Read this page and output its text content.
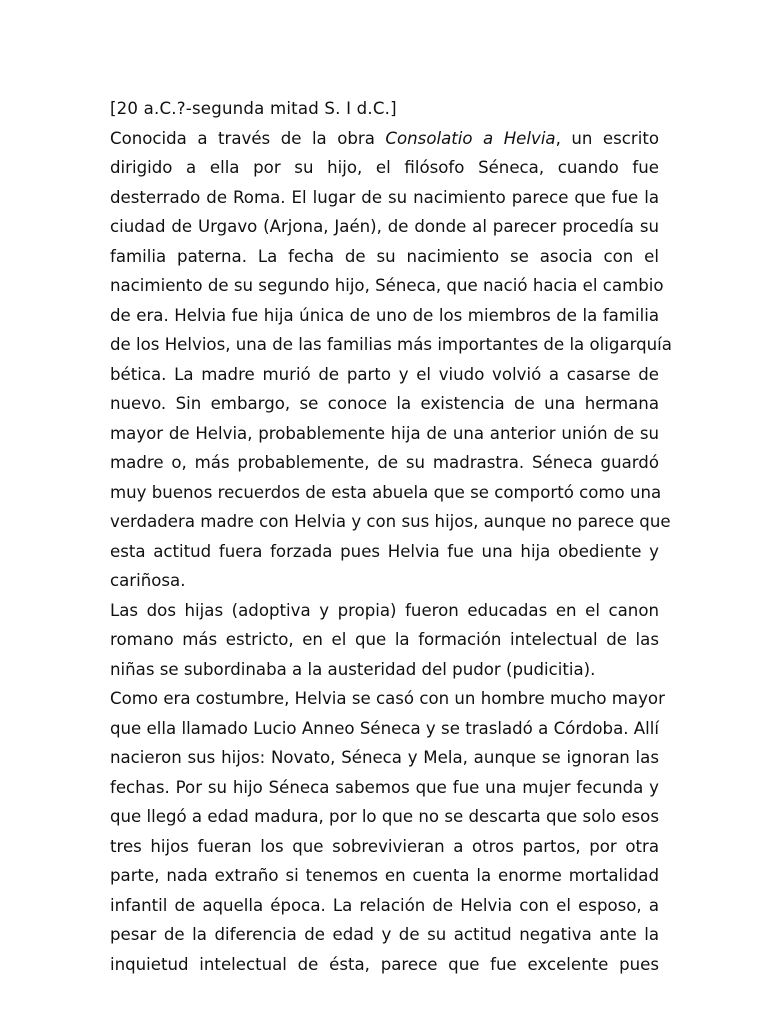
[20 a.C.?-segunda mitad S. I d.C.]
Conocida a través de la obra Consolatio a Helvia, un escrito
dirigido a ella por su hijo, el filósofo Séneca, cuando fue
desterrado de Roma. El lugar de su nacimiento parece que fue la
ciudad de Urgavo (Arjona, Jaén), de donde al parecer procedía su
familia paterna. La fecha de su nacimiento se asocia con el
nacimiento de su segundo hijo, Séneca, que nació hacia el cambio
de era. Helvia fue hija única de uno de los miembros de la familia
de los Helvios, una de las familias más importantes de la oligarquía
bética. La madre murió de parto y el viudo volvió a casarse de
nuevo. Sin embargo, se conoce la existencia de una hermana
mayor de Helvia, probablemente hija de una anterior unión de su
madre o, más probablemente, de su madrastra. Séneca guardó
muy buenos recuerdos de esta abuela que se comportó como una
verdadera madre con Helvia y con sus hijos, aunque no parece que
esta actitud fuera forzada pues Helvia fue una hija obediente y
cariñosa.
Las dos hijas (adoptiva y propia) fueron educadas en el canon
romano más estricto, en el que la formación intelectual de las
niñas se subordinaba a la austeridad del pudor (pudicitia).
Como era costumbre, Helvia se casó con un hombre mucho mayor
que ella llamado Lucio Anneo Séneca y se trasladó a Córdoba. Allí
nacieron sus hijos: Novato, Séneca y Mela, aunque se ignoran las
fechas. Por su hijo Séneca sabemos que fue una mujer fecunda y
que llegó a edad madura, por lo que no se descarta que solo esos
tres hijos fueran los que sobrevivieran a otros partos, por otra
parte, nada extraño si tenemos en cuenta la enorme mortalidad
infantil de aquella época. La relación de Helvia con el esposo, a
pesar de la diferencia de edad y de su actitud negativa ante la
inquietud intelectual de ésta, parece que fue excelente pues
